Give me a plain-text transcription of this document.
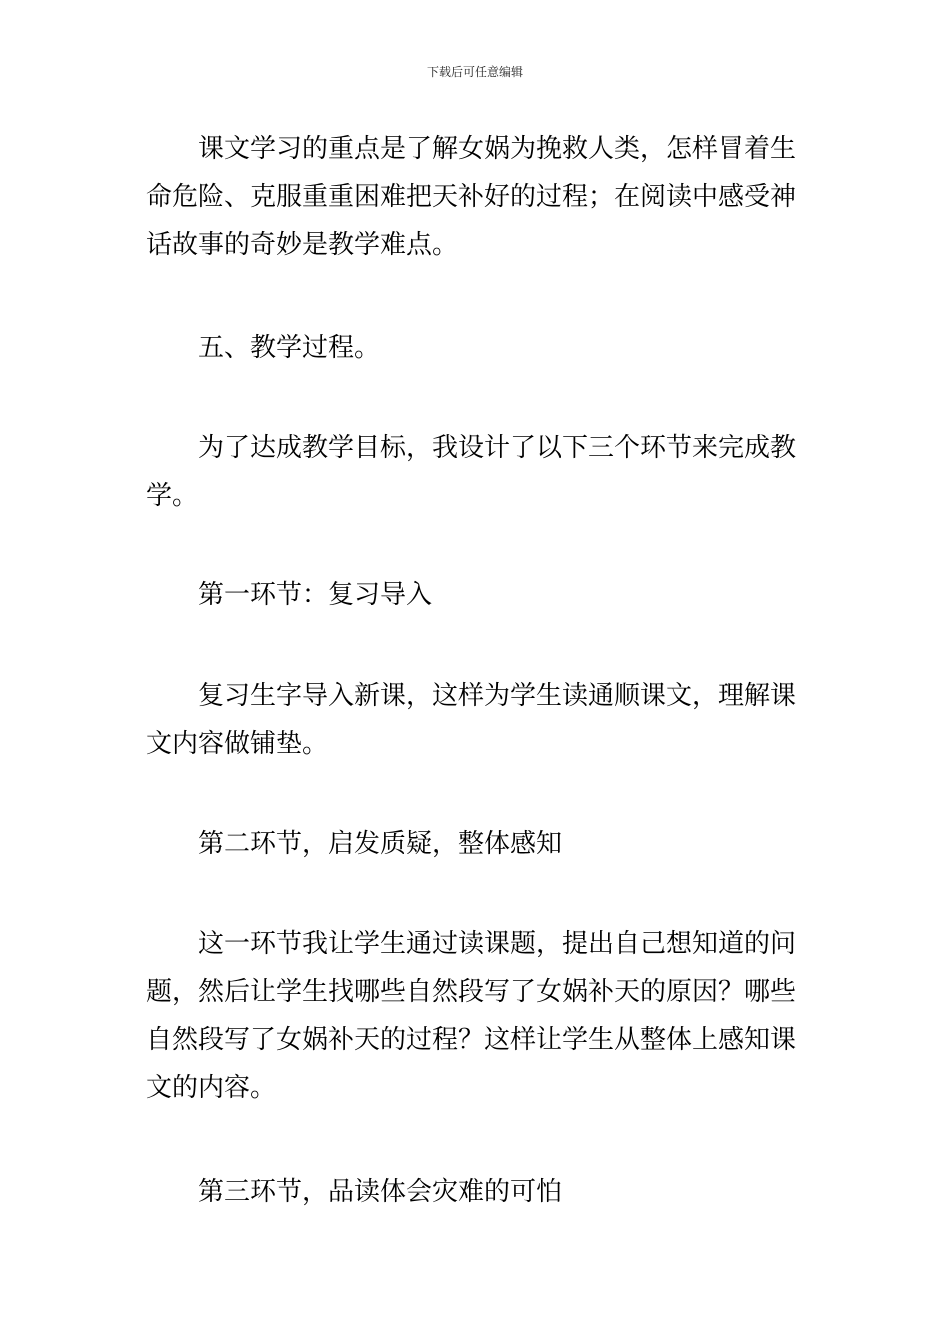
下载后可任意编辑

课文学习的重点是了解女娲为挽救人类，怎样冒着生命危险、克服重重困难把天补好的过程；在阅读中感受神话故事的奇妙是教学难点。

五、教学过程。

为了达成教学目标，我设计了以下三个环节来完成教学。

第一环节：复习导入

复习生字导入新课，这样为学生读通顺课文，理解课文内容做铺垫。

第二环节，启发质疑，整体感知

这一环节我让学生通过读课题，提出自己想知道的问题，然后让学生找哪些自然段写了女娲补天的原因？哪些自然段写了女娲补天的过程？这样让学生从整体上感知课文的内容。

第三环节，品读体会灾难的可怕
